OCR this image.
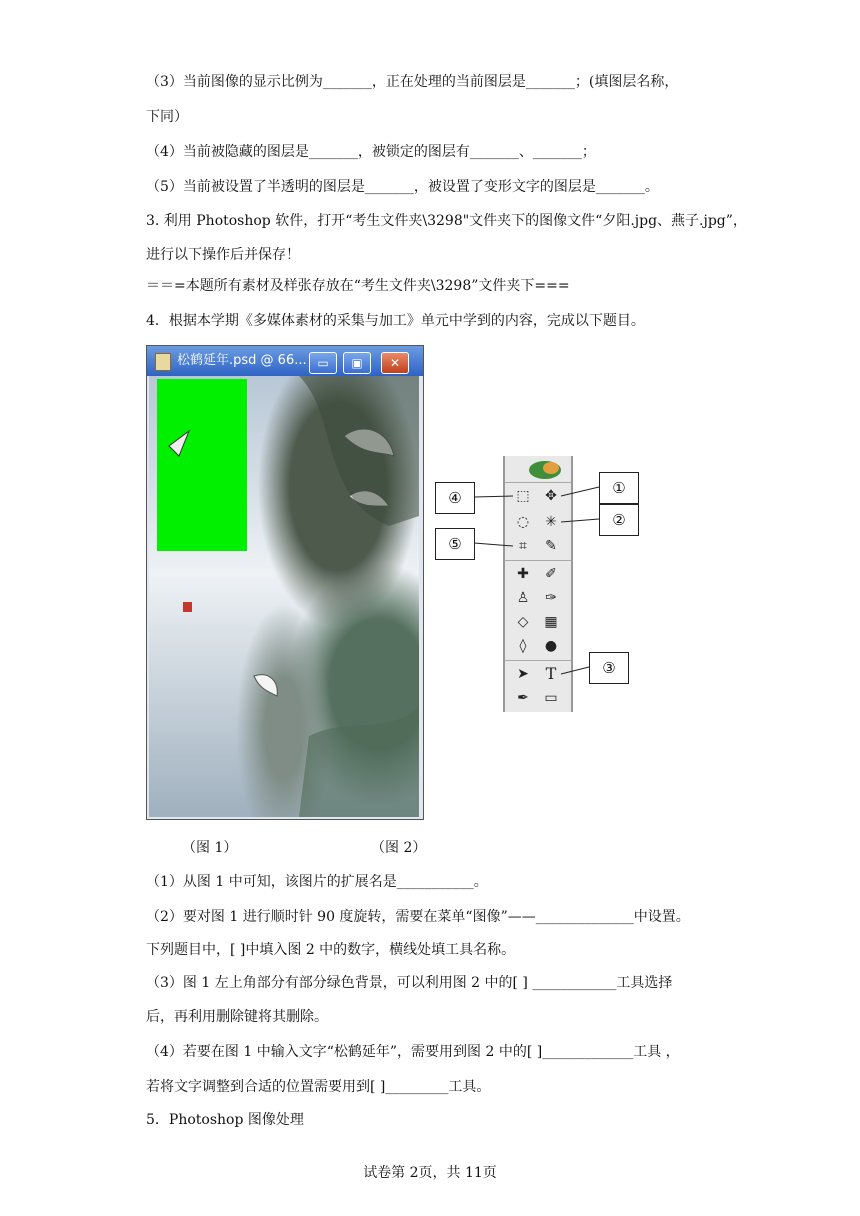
（3）当前图像的显示比例为_______，正在处理的当前图层是_______；(填图层名称，
下同）
（4）当前被隐藏的图层是_______，被锁定的图层有_______、_______；
（5）当前被设置了半透明的图层是_______，被设置了变形文字的图层是_______。
3. 利用 Photoshop 软件，打开“考生文件夹\3298"文件夹下的图像文件“夕阳.jpg、燕子.jpg”，
进行以下操作后并保存！
＝＝=本题所有素材及样张存放在“考生文件夹\3298”文件夹下===
4．根据本学期《多媒体素材的采集与加工》单元中学到的内容，完成以下题目。
松鹤延年.psd @ 66... ▭	▣	✕
（图 1）	（图 2）
⬚ ✥
◌ ✳
⌗	✎
✚ ✐
♙ ✑
◇	▦
◊	●
➤ T
✒ ▭
④
⑤
①
②
③
（1）从图 1 中可知，该图片的扩展名是___________。
（2）要对图 1 进行顺时针 90 度旋转，需要在菜单“图像”——______________中设置。
下列题目中，[ ]中填入图 2 中的数字，横线处填工具名称。
（3）图 1 左上角部分有部分绿色背景，可以利用图 2 中的[ ] ____________工具选择
后，再利用删除键将其删除。
（4）若要在图 1 中输入文字“松鹤延年”，需要用到图 2 中的[ ]_____________工具 ，
若将文字调整到合适的位置需要用到[ ]_________工具。
5．Photoshop 图像处理
试卷第 2页，共 11页
